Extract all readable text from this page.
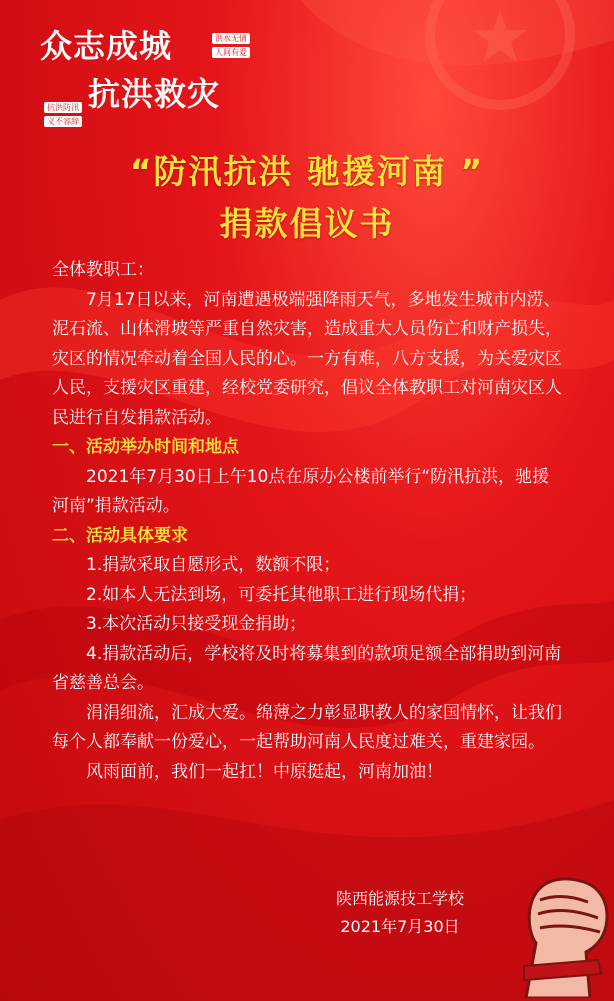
众志成城
抗洪救灾
洪水无情
人间有爱
抗洪防汛
义不容辞
“防汛抗洪 驰援河南 ”
捐款倡议书

全体教职工：

7月17日以来，河南遭遇极端强降雨天气，多地发生城市内涝、泥石流、山体滑坡等严重自然灾害，造成重大人员伤亡和财产损失，灾区的情况牵动着全国人民的心。一方有难，八方支援，为关爱灾区人民，支援灾区重建，经校党委研究，倡议全体教职工对河南灾区人民进行自发捐款活动。

一、活动举办时间和地点

2021年7月30日上午10点在原办公楼前举行“防汛抗洪，驰援河南”捐款活动。

二、活动具体要求

1.捐款采取自愿形式，数额不限；

2.如本人无法到场，可委托其他职工进行现场代捐；

3.本次活动只接受现金捐助；

4.捐款活动后，学校将及时将募集到的款项足额全部捐助到河南省慈善总会。

涓涓细流，汇成大爱。绵薄之力彰显职教人的家国情怀，让我们每个人都奉献一份爱心，一起帮助河南人民度过难关，重建家园。

风雨面前，我们一起扛！中原挺起，河南加油！

陕西能源技工学校
2021年7月30日
